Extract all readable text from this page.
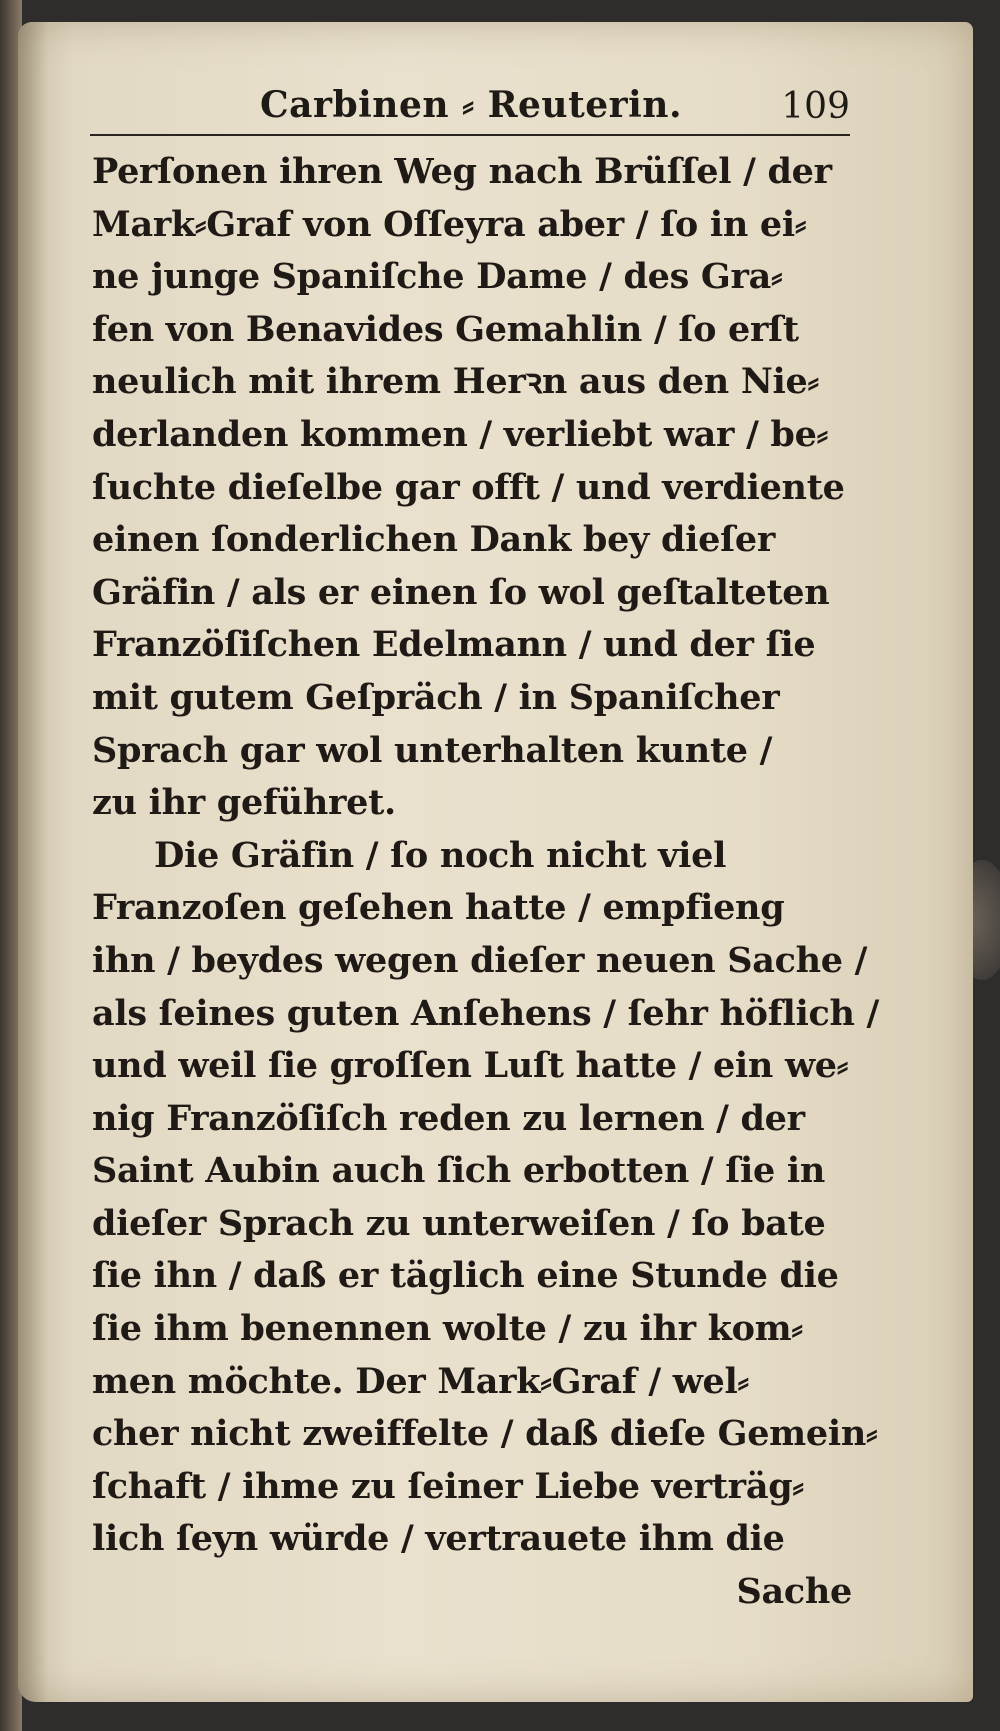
Carbinen ⸗ Reuterin.	109
Perſonen ihren Weg nach Brüſſel / der
Mark⸗Graf von Oſſeyra aber / ſo in ei⸗
ne junge Spaniſche Dame / des Gra⸗
fen von Benavides Gemahlin / ſo erſt
neulich mit ihrem Herꝛn aus den Nie⸗
derlanden kommen / verliebt war / be⸗
ſuchte dieſelbe gar offt / und verdiente
einen ſonderlichen Dank bey dieſer
Gräfin / als er einen ſo wol geſtalteten
Franzöſiſchen Edelmann / und der ſie
mit gutem Geſpräch / in Spaniſcher
Sprach gar wol unterhalten kunte /
zu ihr geführet.
Die Gräfin / ſo noch nicht viel
Franzoſen geſehen hatte / empfieng
ihn / beydes wegen dieſer neuen Sache /
als ſeines guten Anſehens / ſehr höflich /
und weil ſie groſſen Luſt hatte / ein we⸗
nig Franzöſiſch reden zu lernen / der
Saint Aubin auch ſich erbotten / ſie in
dieſer Sprach zu unterweiſen / ſo bate
ſie ihn / daß er täglich eine Stunde die
ſie ihm benennen wolte / zu ihr kom⸗
men möchte. Der Mark⸗Graf / wel⸗
cher nicht zweiffelte / daß dieſe Gemein⸗
ſchaft / ihme zu ſeiner Liebe verträg⸗
lich ſeyn würde / vertrauete ihm die
Sache
